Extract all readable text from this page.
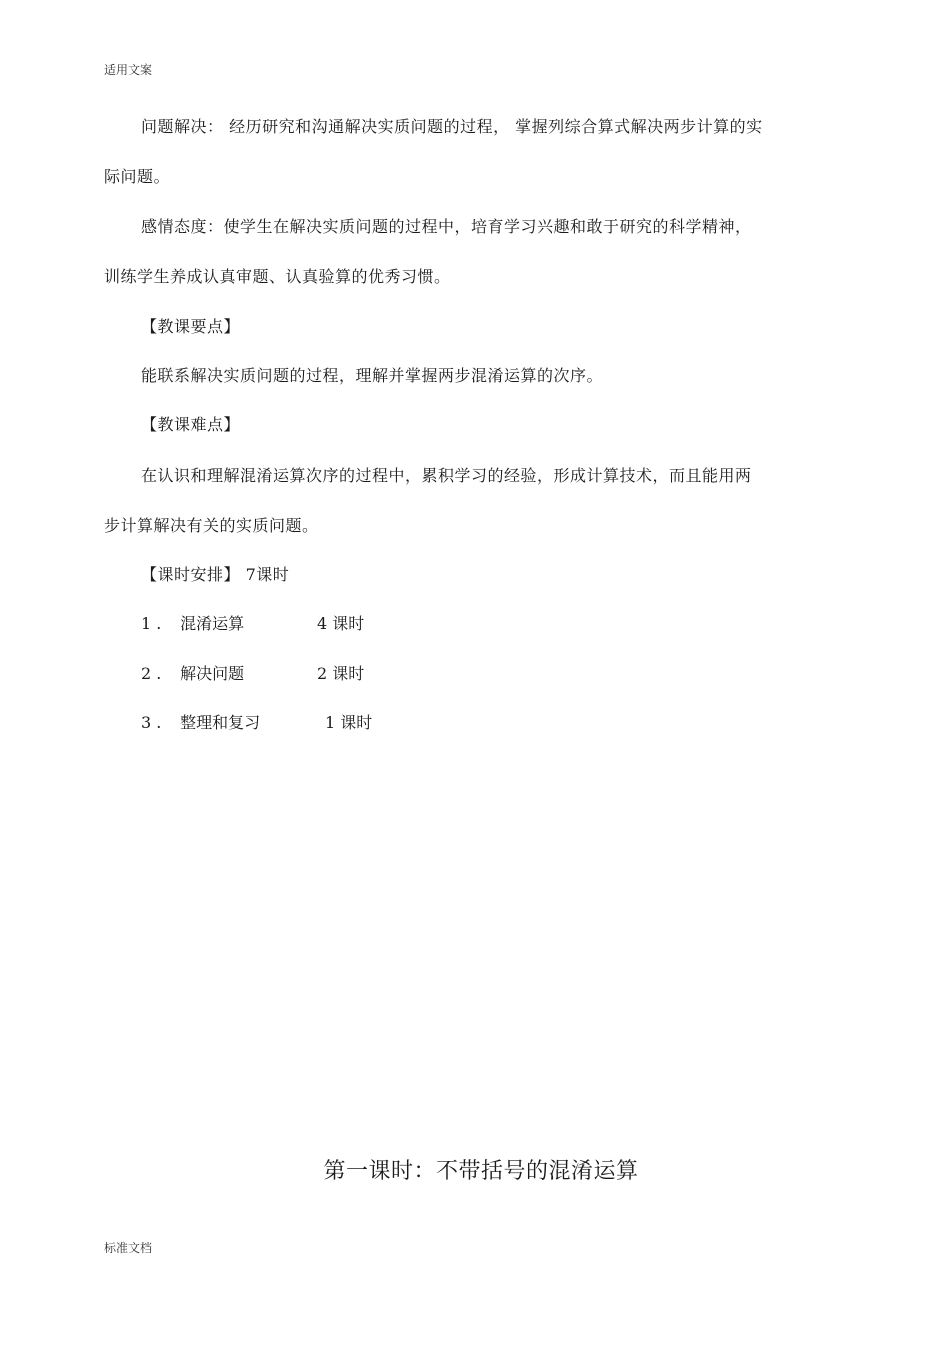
适用文案
问题解决： 经历研究和沟通解决实质问题的过程， 掌握列综合算式解决两步计算的实
际问题。
感情态度：使学生在解决实质问题的过程中，培育学习兴趣和敢于研究的科学精神，
训练学生养成认真审题、认真验算的优秀习惯。
【教课要点】
能联系解决实质问题的过程，理解并掌握两步混淆运算的次序。
【教课难点】
在认识和理解混淆运算次序的过程中，累积学习的经验，形成计算技术，而且能用两
步计算解决有关的实质问题。
【课时安排】 7课时
1 . 混淆运算	4 课时
2 . 解决问题	2 课时
3 . 整理和复习	1 课时
第一课时：不带括号的混淆运算
标准文档
